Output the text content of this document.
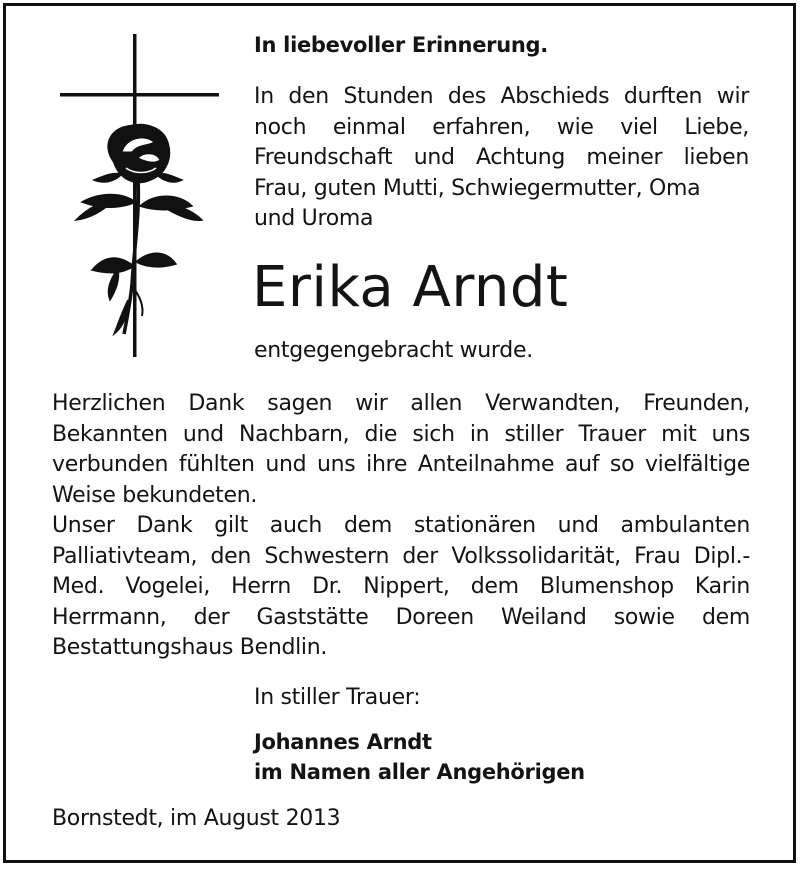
In liebevoller Erinnerung.
In den Stunden des Abschieds durften wir noch einmal erfahren, wie viel Liebe, Freundschaft und Achtung meiner lieben Frau, guten Mutti, Schwiegermutter, Oma
und Uroma
Erika Arndt
entgegengebracht wurde.

Herzlichen Dank sagen wir allen Verwandten, Freunden, Bekannten und Nachbarn, die sich in stiller Trauer mit uns verbunden fühlten und uns ihre Anteilnahme auf so vielfältige Weise bekundeten.

Unser Dank gilt auch dem stationären und ambulanten Palliativteam, den Schwestern der Volkssolidarität, Frau Dipl.-Med. Vogelei, Herrn Dr. Nippert, dem Blumenshop Karin Herrmann, der Gaststätte Doreen Weiland sowie dem Bestattungshaus Bendlin.

In stiller Trauer:
Johannes Arndt
im Namen aller Angehörigen
Bornstedt, im August 2013
